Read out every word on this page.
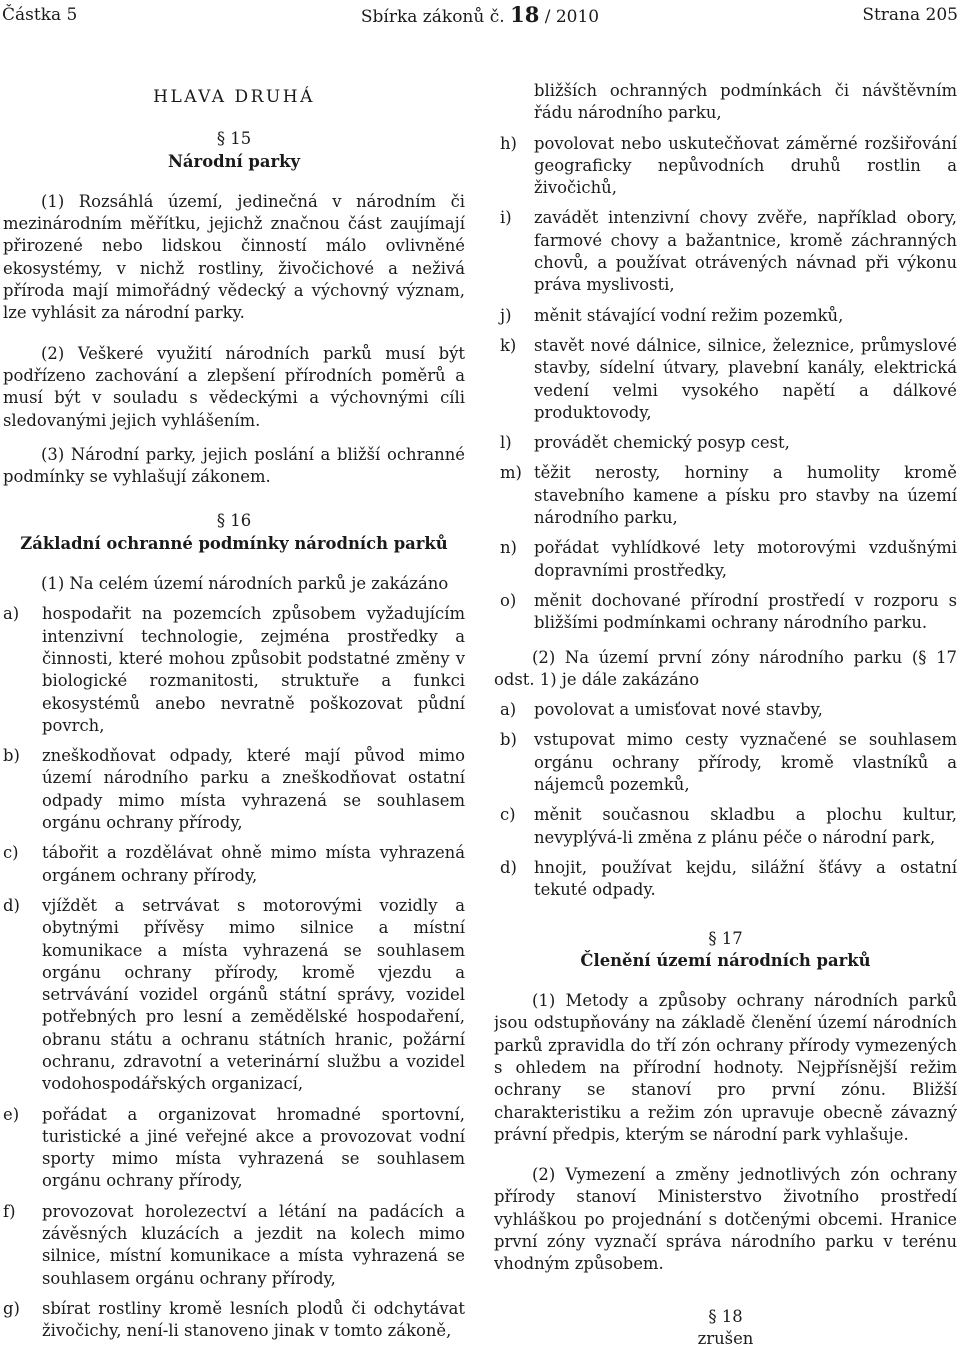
Částka 5	Sbírka zákonů č. 18 / 2010	Strana 205

HLAVA DRUHÁ

§ 15

Národní parky

(1) Rozsáhlá území, jedinečná v národním či mezinárodním měřítku, jejichž značnou část zaujímají přirozené nebo lidskou činností málo ovlivněné ekosystémy, v nichž rostliny, živočichové a neživá příroda mají mimořádný vědecký a výchovný význam, lze vyhlásit za národní parky.

(2) Veškeré využití národních parků musí být podřízeno zachování a zlepšení přírodních poměrů a musí být v souladu s vědeckými a výchovnými cíli sledovanými jejich vyhlášením.

(3) Národní parky, jejich poslání a bližší ochranné podmínky se vyhlašují zákonem.

§ 16

Základní ochranné podmínky národních parků

(1) Na celém území národních parků je zakázáno

a) hospodařit na pozemcích způsobem vyžadujícím intenzivní technologie, zejména prostředky a činnosti, které mohou způsobit podstatné změny v biologické rozmanitosti, struktuře a funkci ekosystémů anebo nevratně poškozovat půdní povrch,
b) zneškodňovat odpady, které mají původ mimo území národního parku a zneškodňovat ostatní odpady mimo místa vyhrazená se souhlasem orgánu ochrany přírody,
c) tábořit a rozdělávat ohně mimo místa vyhrazená orgánem ochrany přírody,
d) vjíždět a setrvávat s motorovými vozidly a obytnými přívěsy mimo silnice a místní komunikace a místa vyhrazená se souhlasem orgánu ochrany přírody, kromě vjezdu a setrvávání vozidel orgánů státní správy, vozidel potřebných pro lesní a zemědělské hospodaření, obranu státu a ochranu státních hranic, požární ochranu, zdravotní a veterinární službu a vozidel vodohospodářských organizací,
e) pořádat a organizovat hromadné sportovní, turistické a jiné veřejné akce a provozovat vodní sporty mimo místa vyhrazená se souhlasem orgánu ochrany přírody,
f) provozovat horolezectví a létání na padácích a závěsných kluzácích a jezdit na kolech mimo silnice, místní komunikace a místa vyhrazená se souhlasem orgánu ochrany přírody,
g) sbírat rostliny kromě lesních plodů či odchytávat živočichy, není-li stanoveno jinak v tomto zákoně,

bližších ochranných podmínkách či návštěvním řádu národního parku,

h) povolovat nebo uskutečňovat záměrné rozšiřování geograficky nepůvodních druhů rostlin a živočichů,
i) zavádět intenzivní chovy zvěře, například obory, farmové chovy a bažantnice, kromě záchranných chovů, a používat otrávených návnad při výkonu práva myslivosti,
j) měnit stávající vodní režim pozemků,
k) stavět nové dálnice, silnice, železnice, průmyslové stavby, sídelní útvary, plavební kanály, elektrická vedení velmi vysokého napětí a dálkové produktovody,
l) provádět chemický posyp cest,
m) těžit nerosty, horniny a humolity kromě stavebního kamene a písku pro stavby na území národního parku,
n) pořádat vyhlídkové lety motorovými vzdušnými dopravními prostředky,
o) měnit dochované přírodní prostředí v rozporu s bližšími podmínkami ochrany národního parku.

(2) Na území první zóny národního parku (§ 17 odst. 1) je dále zakázáno

a) povolovat a umisťovat nové stavby,
b) vstupovat mimo cesty vyznačené se souhlasem orgánu ochrany přírody, kromě vlastníků a nájemců pozemků,
c) měnit současnou skladbu a plochu kultur, nevyplývá-li změna z plánu péče o národní park,
d) hnojit, používat kejdu, silážní šťávy a ostatní tekuté odpady.

§ 17

Členění území národních parků

(1) Metody a způsoby ochrany národních parků jsou odstupňovány na základě členění území národních parků zpravidla do tří zón ochrany přírody vymezených s ohledem na přírodní hodnoty. Nejpřísnější režim ochrany se stanoví pro první zónu. Bližší charakteristiku a režim zón upravuje obecně závazný právní předpis, kterým se národní park vyhlašuje.

(2) Vymezení a změny jednotlivých zón ochrany přírody stanoví Ministerstvo životního prostředí vyhláškou po projednání s dotčenými obcemi. Hranice první zóny vyznačí správa národního parku v terénu vhodným způsobem.

§ 18

zrušen
